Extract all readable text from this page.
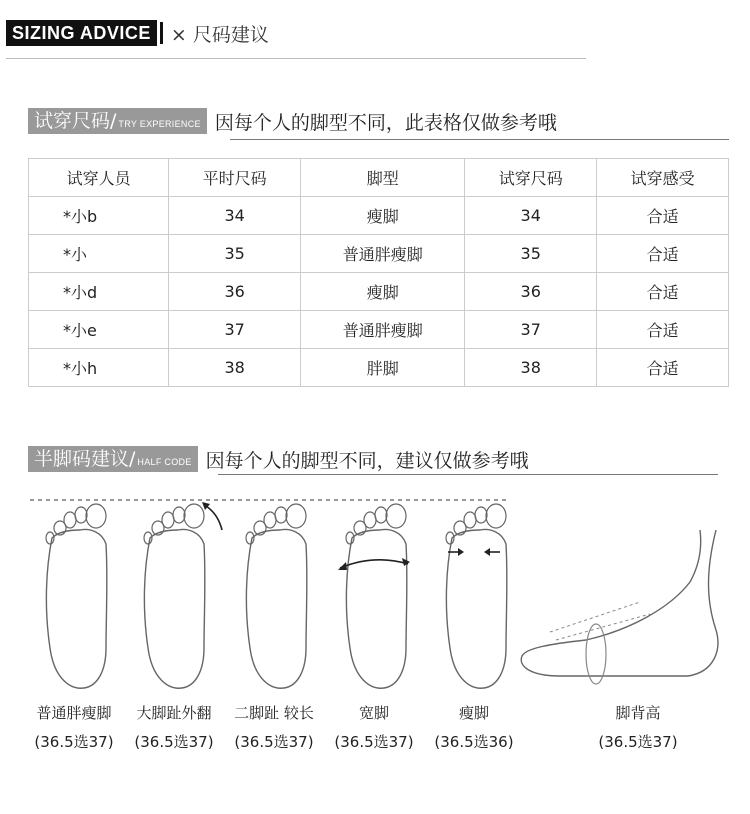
SIZING ADVICE	× 尺码建议
试穿尺码/ TRY EXPERIENCE 因每个人的脚型不同，此表格仅做参考哦
试穿人员	平时尺码	脚型	试穿尺码	试穿感受
*小b	34	瘦脚	34	合适
*小	35	普通胖瘦脚	35	合适
*小d	36	瘦脚	36	合适
*小e	37	普通胖瘦脚	37	合适
*小h	38	胖脚	38	合适
半脚码建议/ HALF CODE 因每个人的脚型不同，建议仅做参考哦
普通胖瘦脚
(36.5选37)
大脚趾外翻
(36.5选37)
二脚趾 较长
(36.5选37)
宽脚
(36.5选37)
瘦脚
(36.5选36)
脚背高
(36.5选37)
